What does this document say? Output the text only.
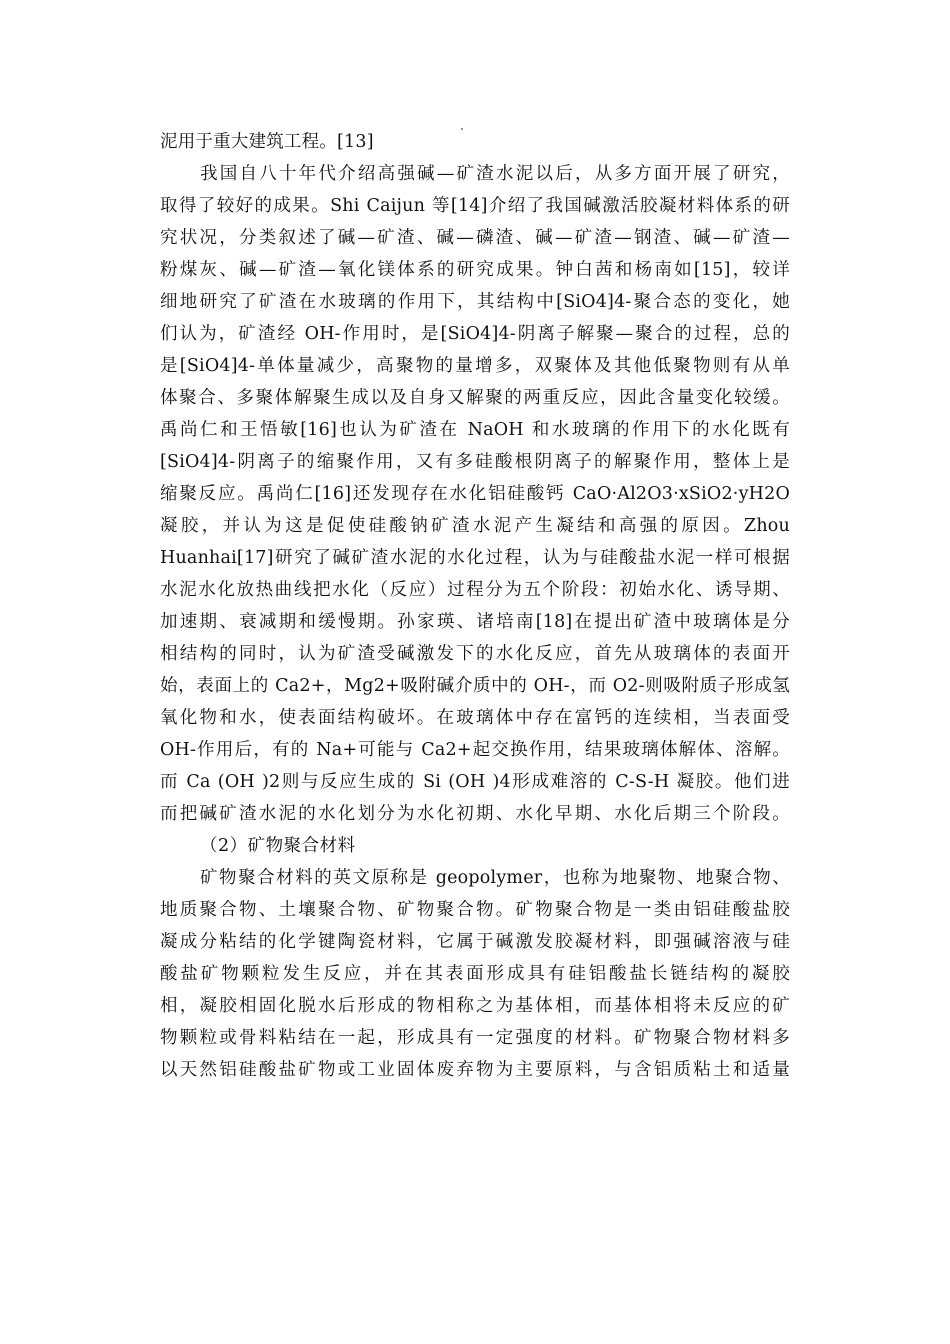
泥用于重大建筑工程。[13]
我国自八十年代介绍高强碱—矿渣水泥以后，从多方面开展了研究，
取得了较好的成果。Shi Caijun 等[14]介绍了我国碱激活胶凝材料体系的研
究状况，分类叙述了碱—矿渣、碱—磷渣、碱—矿渣—钢渣、碱—矿渣—
粉煤灰、碱—矿渣—氧化镁体系的研究成果。钟白茜和杨南如[15]，较详
细地研究了矿渣在水玻璃的作用下，其结构中[SiO4]4-聚合态的变化，她
们认为，矿渣经 OH-作用时，是[SiO4]4-阴离子解聚—聚合的过程，总的
是[SiO4]4-单体量减少，高聚物的量增多，双聚体及其他低聚物则有从单
体聚合、多聚体解聚生成以及自身又解聚的两重反应，因此含量变化较缓。
禹尚仁和王悟敏[16]也认为矿渣在 NaOH 和水玻璃的作用下的水化既有
[SiO4]4-阴离子的缩聚作用，又有多硅酸根阴离子的解聚作用，整体上是
缩聚反应。禹尚仁[16]还发现存在水化铝硅酸钙 CaO·Al2O3·xSiO2·yH2O
凝胶，并认为这是促使硅酸钠矿渣水泥产生凝结和高强的原因。Zhou
Huanhai[17]研究了碱矿渣水泥的水化过程，认为与硅酸盐水泥一样可根据
水泥水化放热曲线把水化（反应）过程分为五个阶段：初始水化、诱导期、
加速期、衰减期和缓慢期。孙家瑛、诸培南[18]在提出矿渣中玻璃体是分
相结构的同时，认为矿渣受碱激发下的水化反应，首先从玻璃体的表面开
始，表面上的 Ca2+，Mg2+吸附碱介质中的 OH-，而 O2-则吸附质子形成氢
氧化物和水，使表面结构破坏。在玻璃体中存在富钙的连续相，当表面受
OH-作用后，有的 Na+可能与 Ca2+起交换作用，结果玻璃体解体、溶解。
而 Ca (OH )2则与反应生成的 Si (OH )4形成难溶的 C-S-H 凝胶。他们进
而把碱矿渣水泥的水化划分为水化初期、水化早期、水化后期三个阶段。
（2）矿物聚合材料
矿物聚合材料的英文原称是 geopolymer，也称为地聚物、地聚合物、
地质聚合物、土壤聚合物、矿物聚合物。矿物聚合物是一类由铝硅酸盐胶
凝成分粘结的化学键陶瓷材料，它属于碱激发胶凝材料，即强碱溶液与硅
酸盐矿物颗粒发生反应，并在其表面形成具有硅铝酸盐长链结构的凝胶
相，凝胶相固化脱水后形成的物相称之为基体相，而基体相将未反应的矿
物颗粒或骨料粘结在一起，形成具有一定强度的材料。矿物聚合物材料多
以天然铝硅酸盐矿物或工业固体废弃物为主要原料，与含铝质粘土和适量
